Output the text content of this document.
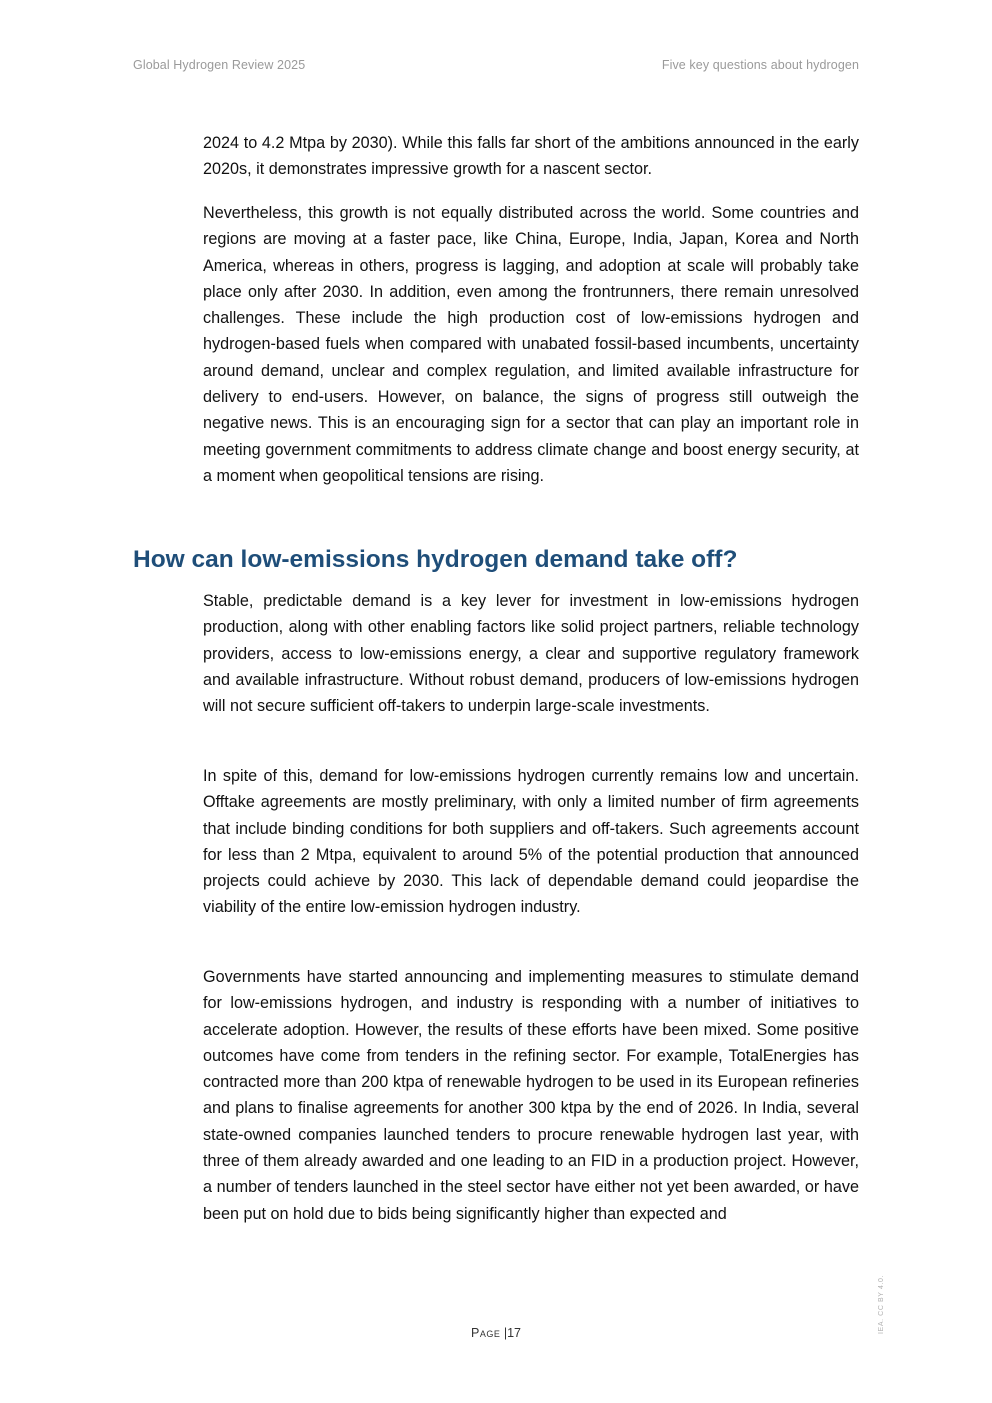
Global Hydrogen Review 2025	Five key questions about hydrogen

2024 to 4.2 Mtpa by 2030). While this falls far short of the ambitions announced in the early 2020s, it demonstrates impressive growth for a nascent sector.

Nevertheless, this growth is not equally distributed across the world. Some countries and regions are moving at a faster pace, like China, Europe, India, Japan, Korea and North America, whereas in others, progress is lagging, and adoption at scale will probably take place only after 2030. In addition, even among the frontrunners, there remain unresolved challenges. These include the high production cost of low-emissions hydrogen and hydrogen-based fuels when compared with unabated fossil-based incumbents, uncertainty around demand, unclear and complex regulation, and limited available infrastructure for delivery to end-users. However, on balance, the signs of progress still outweigh the negative news. This is an encouraging sign for a sector that can play an important role in meeting government commitments to address climate change and boost energy security, at a moment when geopolitical tensions are rising.

How can low-emissions hydrogen demand take off?

Stable, predictable demand is a key lever for investment in low-emissions hydrogen production, along with other enabling factors like solid project partners, reliable technology providers, access to low-emissions energy, a clear and supportive regulatory framework and available infrastructure. Without robust demand, producers of low-emissions hydrogen will not secure sufficient off-takers to underpin large-scale investments.

In spite of this, demand for low-emissions hydrogen currently remains low and uncertain. Offtake agreements are mostly preliminary, with only a limited number of firm agreements that include binding conditions for both suppliers and off-takers. Such agreements account for less than 2 Mtpa, equivalent to around 5% of the potential production that announced projects could achieve by 2030. This lack of dependable demand could jeopardise the viability of the entire low-emission hydrogen industry.

Governments have started announcing and implementing measures to stimulate demand for low-emissions hydrogen, and industry is responding with a number of initiatives to accelerate adoption. However, the results of these efforts have been mixed. Some positive outcomes have come from tenders in the refining sector. For example, TotalEnergies has contracted more than 200 ktpa of renewable hydrogen to be used in its European refineries and plans to finalise agreements for another 300 ktpa by the end of 2026. In India, several state-owned companies launched tenders to procure renewable hydrogen last year, with three of them already awarded and one leading to an FID in a production project. However, a number of tenders launched in the steel sector have either not yet been awarded, or have been put on hold due to bids being significantly higher than expected and

Page |17	IEA. CC BY 4.0.
